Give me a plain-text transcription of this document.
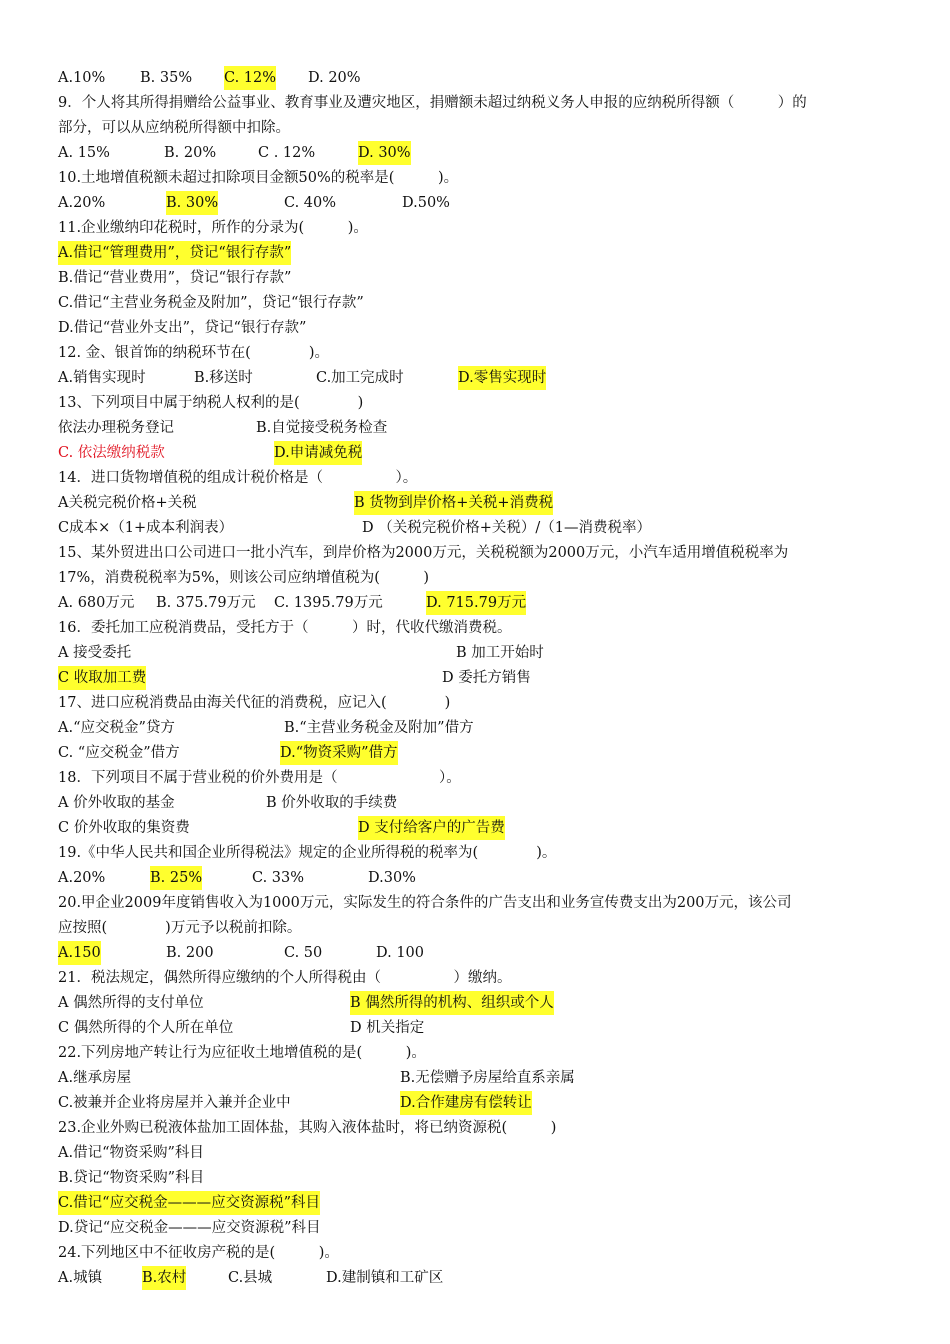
A.10% B. 35% C. 12% D. 20%
9．个人将其所得捐赠给公益事业、教育事业及遭灾地区，捐赠额未超过纳税义务人申报的应纳税所得额（　　　）的
部分，可以从应纳税所得额中扣除。
A. 15%	B. 20%	C . 12%	D. 30%
10.土地增值税额未超过扣除项目金额50%的税率是(　　　)。
A.20%	B. 30%	C. 40%	D.50%
11.企业缴纳印花税时，所作的分录为(　　　)。
A.借记“管理费用”，贷记“银行存款”
B.借记“营业费用”，贷记“银行存款”
C.借记“主营业务税金及附加”，贷记“银行存款”
D.借记“营业外支出”，贷记“银行存款”
12. 金、银首饰的纳税环节在(　　　　)。
A.销售实现时	B.移送时	C.加工完成时	D.零售实现时
13、下列项目中属于纳税人权利的是(　　　　)
依法办理税务登记	B.自觉接受税务检查
C. 依法缴纳税款	D.申请减免税
14．进口货物增值税的组成计税价格是（　　　　　）。
A关税完税价格+关税	B 货物到岸价格+关税+消费税
C成本×（1+成本利润表）	D （关税完税价格+关税）/（1—消费税率）
15、某外贸进出口公司进口一批小汽车，到岸价格为2000万元，关税税额为2000万元，小汽车适用增值税税率为
17%，消费税税率为5%，则该公司应纳增值税为(　　　)
A. 680万元 B. 375.79万元 C. 1395.79万元	D. 715.79万元
16．委托加工应税消费品，受托方于（　　　）时，代收代缴消费税。
A 接受委托	B 加工开始时
C 收取加工费	D 委托方销售
17、进口应税消费品由海关代征的消费税，应记入(　　　　)
A.“应交税金”贷方	B.“主营业务税金及附加”借方
C. “应交税金”借方	D.“物资采购”借方
18．下列项目不属于营业税的价外费用是（　　　　　　　）。
A 价外收取的基金	B 价外收取的手续费
C 价外收取的集资费	D 支付给客户的广告费
19.《中华人民共和国企业所得税法》规定的企业所得税的税率为(　　　　)。
A.20%	B. 25%	C. 33%	D.30%
20.甲企业2009年度销售收入为1000万元，实际发生的符合条件的广告支出和业务宣传费支出为200万元，该公司
应按照(　　　　)万元予以税前扣除。
A.150	B. 200	C. 50	D. 100
21．税法规定，偶然所得应缴纳的个人所得税由（　　　　　）缴纳。
A 偶然所得的支付单位	B 偶然所得的机构、组织或个人
C 偶然所得的个人所在单位	D 机关指定
22.下列房地产转让行为应征收土地增值税的是(　　　)。
A.继承房屋	B.无偿赠予房屋给直系亲属
C.被兼并企业将房屋并入兼并企业中	D.合作建房有偿转让
23.企业外购已税液体盐加工固体盐，其购入液体盐时，将已纳资源税(　　　)
A.借记“物资采购”科目
B.贷记“物资采购”科目
C.借记“应交税金———应交资源税”科目
D.贷记“应交税金———应交资源税”科目
24.下列地区中不征收房产税的是(　　　)。
A.城镇	B.农村	C.县城	D.建制镇和工矿区
